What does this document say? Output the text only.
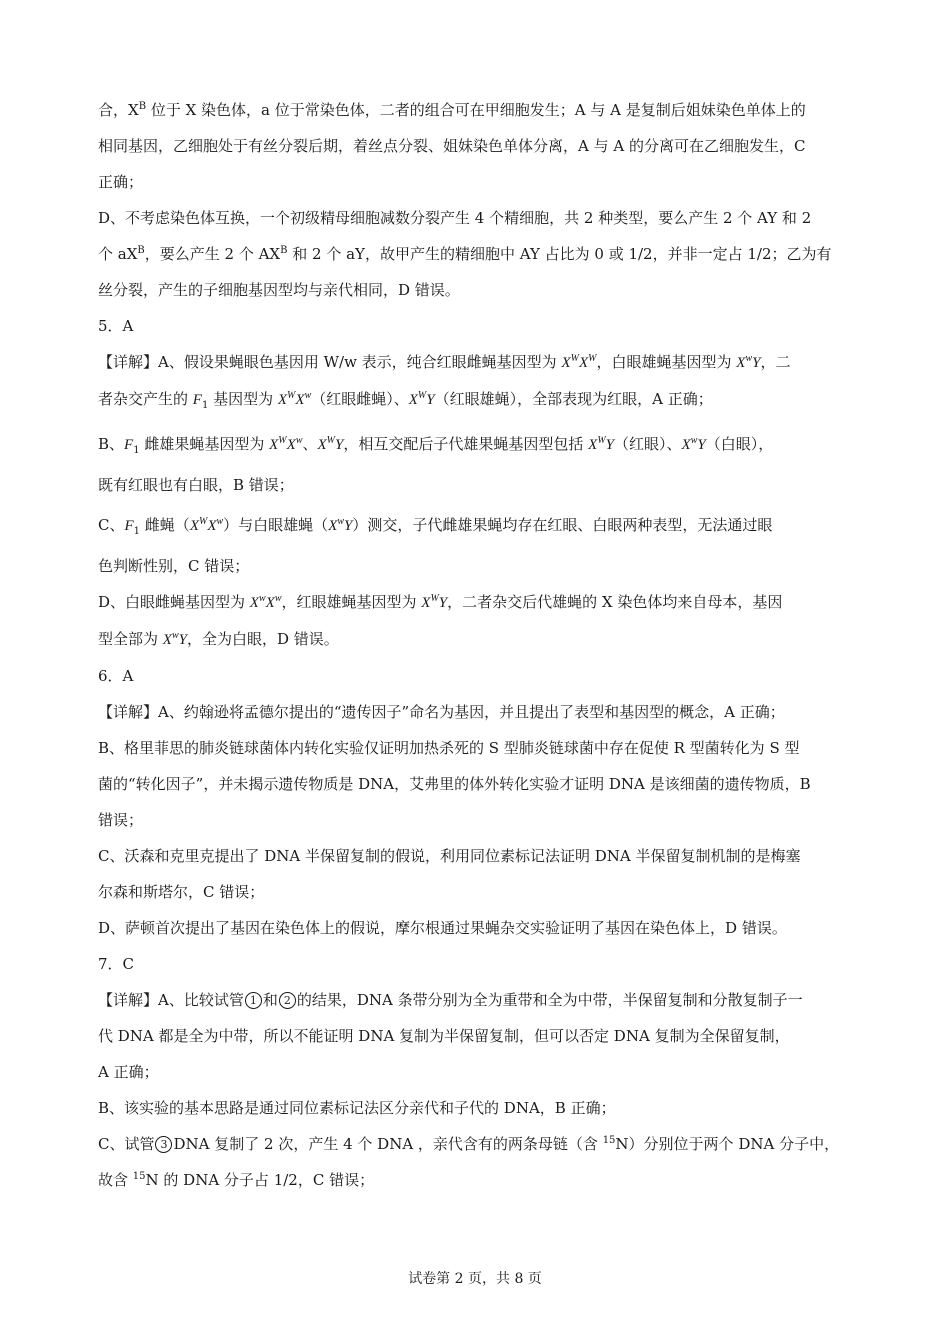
合，$X^B$ 位于 X 染色体，a 位于常染色体，二者的组合可在甲细胞发生；A 与 A 是复制后姐妹染色单体上的

相同基因，乙细胞处于有丝分裂后期，着丝点分裂、姐妹染色单体分离，A 与 A 的分离可在乙细胞发生，C

正确；

D、不考虑染色体互换，一个初级精母细胞减数分裂产生 4 个精细胞，共 2 种类型，要么产生 2 个 AY 和 2

个 $aX^B$，要么产生 2 个 $AX^B$ 和 2 个 aY，故甲产生的精细胞中 AY 占比为 0 或 1/2，并非一定占 1/2；乙为有

丝分裂，产生的子细胞基因型均与亲代相同，D 错误。

5．A

【详解】A、假设果蝇眼色基因用 W/w 表示，纯合红眼雌蝇基因型为 $X^WX^W$，白眼雄蝇基因型为 $X^wY$，二

者杂交产生的 $F_1$ 基因型为 $X^WX^w$（红眼雌蝇）、$X^WY$（红眼雄蝇），全部表现为红眼，A 正确；

B、$F_1$ 雌雄果蝇基因型为 $X^WX^w$、$X^WY$，相互交配后子代雄果蝇基因型包括 $X^WY$（红眼）、$X^wY$（白眼），

既有红眼也有白眼，B 错误；

C、$F_1$ 雌蝇$(X^WX^w)$与白眼雄蝇$(X^wY)$测交，子代雌雄果蝇均存在红眼、白眼两种表型，无法通过眼

色判断性别，C 错误；

D、白眼雌蝇基因型为 $X^wX^w$，红眼雄蝇基因型为 $X^WY$，二者杂交后代雄蝇的 X 染色体均来自母本，基因

型全部为 $X^wY$，全为白眼，D 错误。

6．A

【详解】A、约翰逊将孟德尔提出的“遗传因子”命名为基因，并且提出了表型和基因型的概念，A 正确；

B、格里菲思的肺炎链球菌体内转化实验仅证明加热杀死的 S 型肺炎链球菌中存在促使 R 型菌转化为 S 型

菌的“转化因子”，并未揭示遗传物质是 DNA，艾弗里的体外转化实验才证明 DNA 是该细菌的遗传物质，B

错误；

C、沃森和克里克提出了 DNA 半保留复制的假说，利用同位素标记法证明 DNA 半保留复制机制的是梅塞

尔森和斯塔尔，C 错误；

D、萨顿首次提出了基因在染色体上的假说，摩尔根通过果蝇杂交实验证明了基因在染色体上，D 错误。

7．C

【详解】A、比较试管 1 和 2 的结果，DNA 条带分别为全为重带和全为中带，半保留复制和分散复制子一

代 DNA 都是全为中带，所以不能证明 DNA 复制为半保留复制，但可以否定 DNA 复制为全保留复制，

A 正确；

B、该实验的基本思路是通过同位素标记法区分亲代和子代的 DNA，B 正确；

C、试管 3 DNA 复制了 2 次，产生 4 个 DNA ，亲代含有的两条母链（含 $^{15}$N）分别位于两个 DNA 分子中，

故含 $^{15}$N 的 DNA 分子占 1/2，C 错误；

试卷第 2 页，共 8 页
